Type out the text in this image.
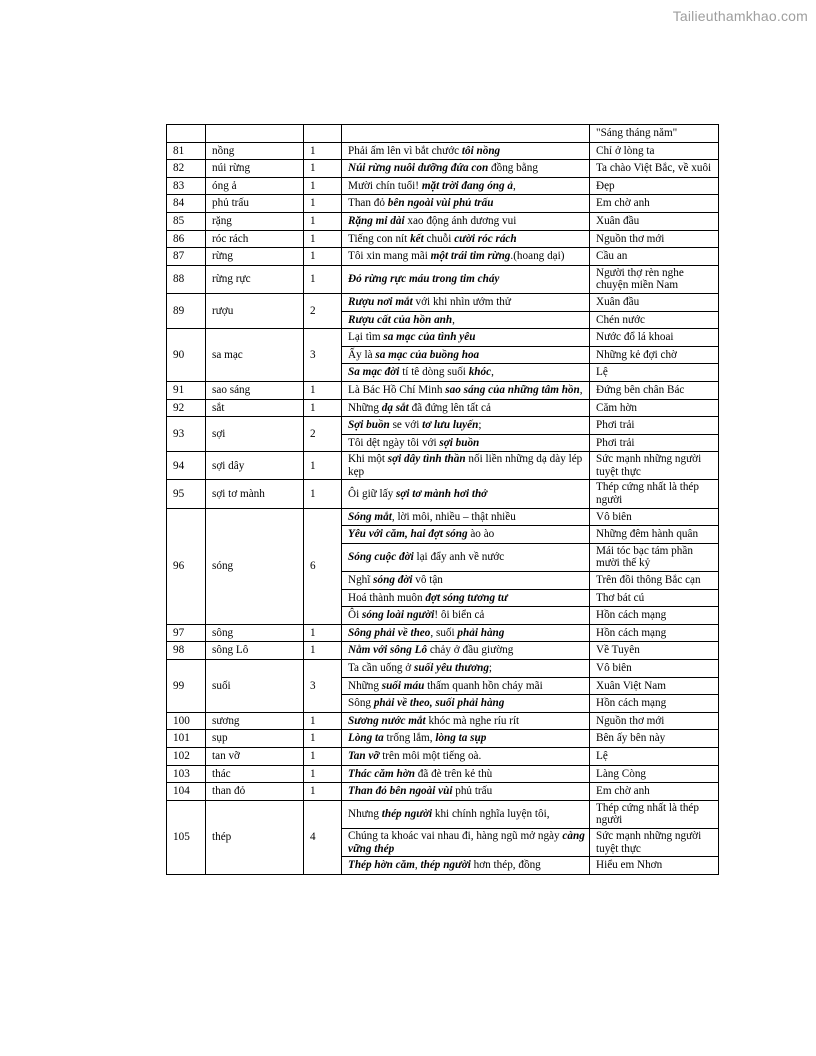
Tailieuthamkhao.com
				"Sáng tháng năm"
81	nồng	1	Phải ấm lên vì bắt chước tôi nồng	Chỉ ở lòng ta
82	núi rừng	1	Núi rừng nuôi dưỡng đứa con đồng bằng	Ta chào Việt Bắc, về xuôi
83	óng ả	1	Mười chín tuổi! mặt trời đang óng ả,	Đẹp
84	phủ trấu	1	Than đỏ bên ngoài vùi phủ trấu	Em chờ anh
85	rặng	1	Rặng mi dài xao động ánh dương vui	Xuân đầu
86	róc rách	1	Tiếng con nít kết chuỗi cười róc rách	Nguồn thơ mới
87	rừng	1	Tôi xin mang mãi một trái tim rừng.(hoang dại)	Cầu an
88	rừng rực	1	Đỏ rừng rực máu trong tim cháy	Người thợ rèn nghe chuyện miền Nam
89	rượu	2	Rượu nơi mắt với khi nhìn ướm thử	Xuân đầu
			Rượu cất của hồn anh,	Chén nước
90	sa mạc	3	Lại tìm sa mạc của tình yêu	Nước đổ lá khoai
			Ấy là sa mạc của buồng hoa	Những kẻ đợi chờ
			Sa mạc đời tí tê dòng suối khóc,	Lệ
91	sao sáng	1	Là Bác Hồ Chí Minh sao sáng của những tâm hồn,	Đứng bên chân Bác
92	sắt	1	Những dạ sắt đã đứng lên tất cả	Căm hờn
93	sợi	2	Sợi buồn se với tơ lưu luyến;	Phơi trải
			Tôi dệt ngày tôi với sợi buồn	Phơi trải
94	sợi dây	1	Khi một sợi dây tình thần nối liền những dạ dày lép kẹp	Sức mạnh những người tuyệt thực
95	sợi tơ mành	1	Ôi giữ lấy sợi tơ mành hơi thở	Thép cứng nhất là thép người
96	sóng	6	Sóng mắt, lời môi, nhiều – thật nhiều	Vô biên
			Yêu với căm, hai đợt sóng ào ào	Những đêm hành quân
			Sóng cuộc đời lại đẩy anh về nước	Mái tóc bạc tám phần mười thế kỷ
			Nghĩ sóng đời vô tận	Trên đồi thông Bắc cạn
			Hoá thành muôn đợt sóng tương tư	Thơ bát cú
			Ôi sóng loài người! ôi biển cả	Hồn cách mạng
97	sông	1	Sông phải về theo, suối phải hàng	Hồn cách mạng
98	sông Lô	1	Nằm với sông Lô chảy ở đầu giường	Về Tuyên
99	suối	3	Ta cần uống ở suối yêu thương;	Vô biên
			Những suối máu thấm quanh hồn cháy mãi	Xuân Việt Nam
			Sông phải về theo, suối phải hàng	Hồn cách mạng
100	sương	1	Sương nước mắt khóc mà nghe ríu rít	Nguồn thơ mới
101	sụp	1	Lòng ta trống lắm, lòng ta sụp	Bên ấy bên này
102	tan vỡ	1	Tan vỡ trên môi một tiếng oà.	Lệ
103	thác	1	Thác căm hờn đã đè trên kẻ thù	Làng Còng
104	than đỏ	1	Than đỏ bên ngoài vùi phủ trấu	Em chờ anh
105	thép	4	Nhưng thép người khi chính nghĩa luyện tôi,	Thép cứng nhất là thép người
			Chúng ta khoác vai nhau đi, hàng ngũ mở ngày càng vững thép	Sức mạnh những người tuyệt thực
			Thép hờn căm, thép người hơn thép, đồng	Hiểu em Nhơn
